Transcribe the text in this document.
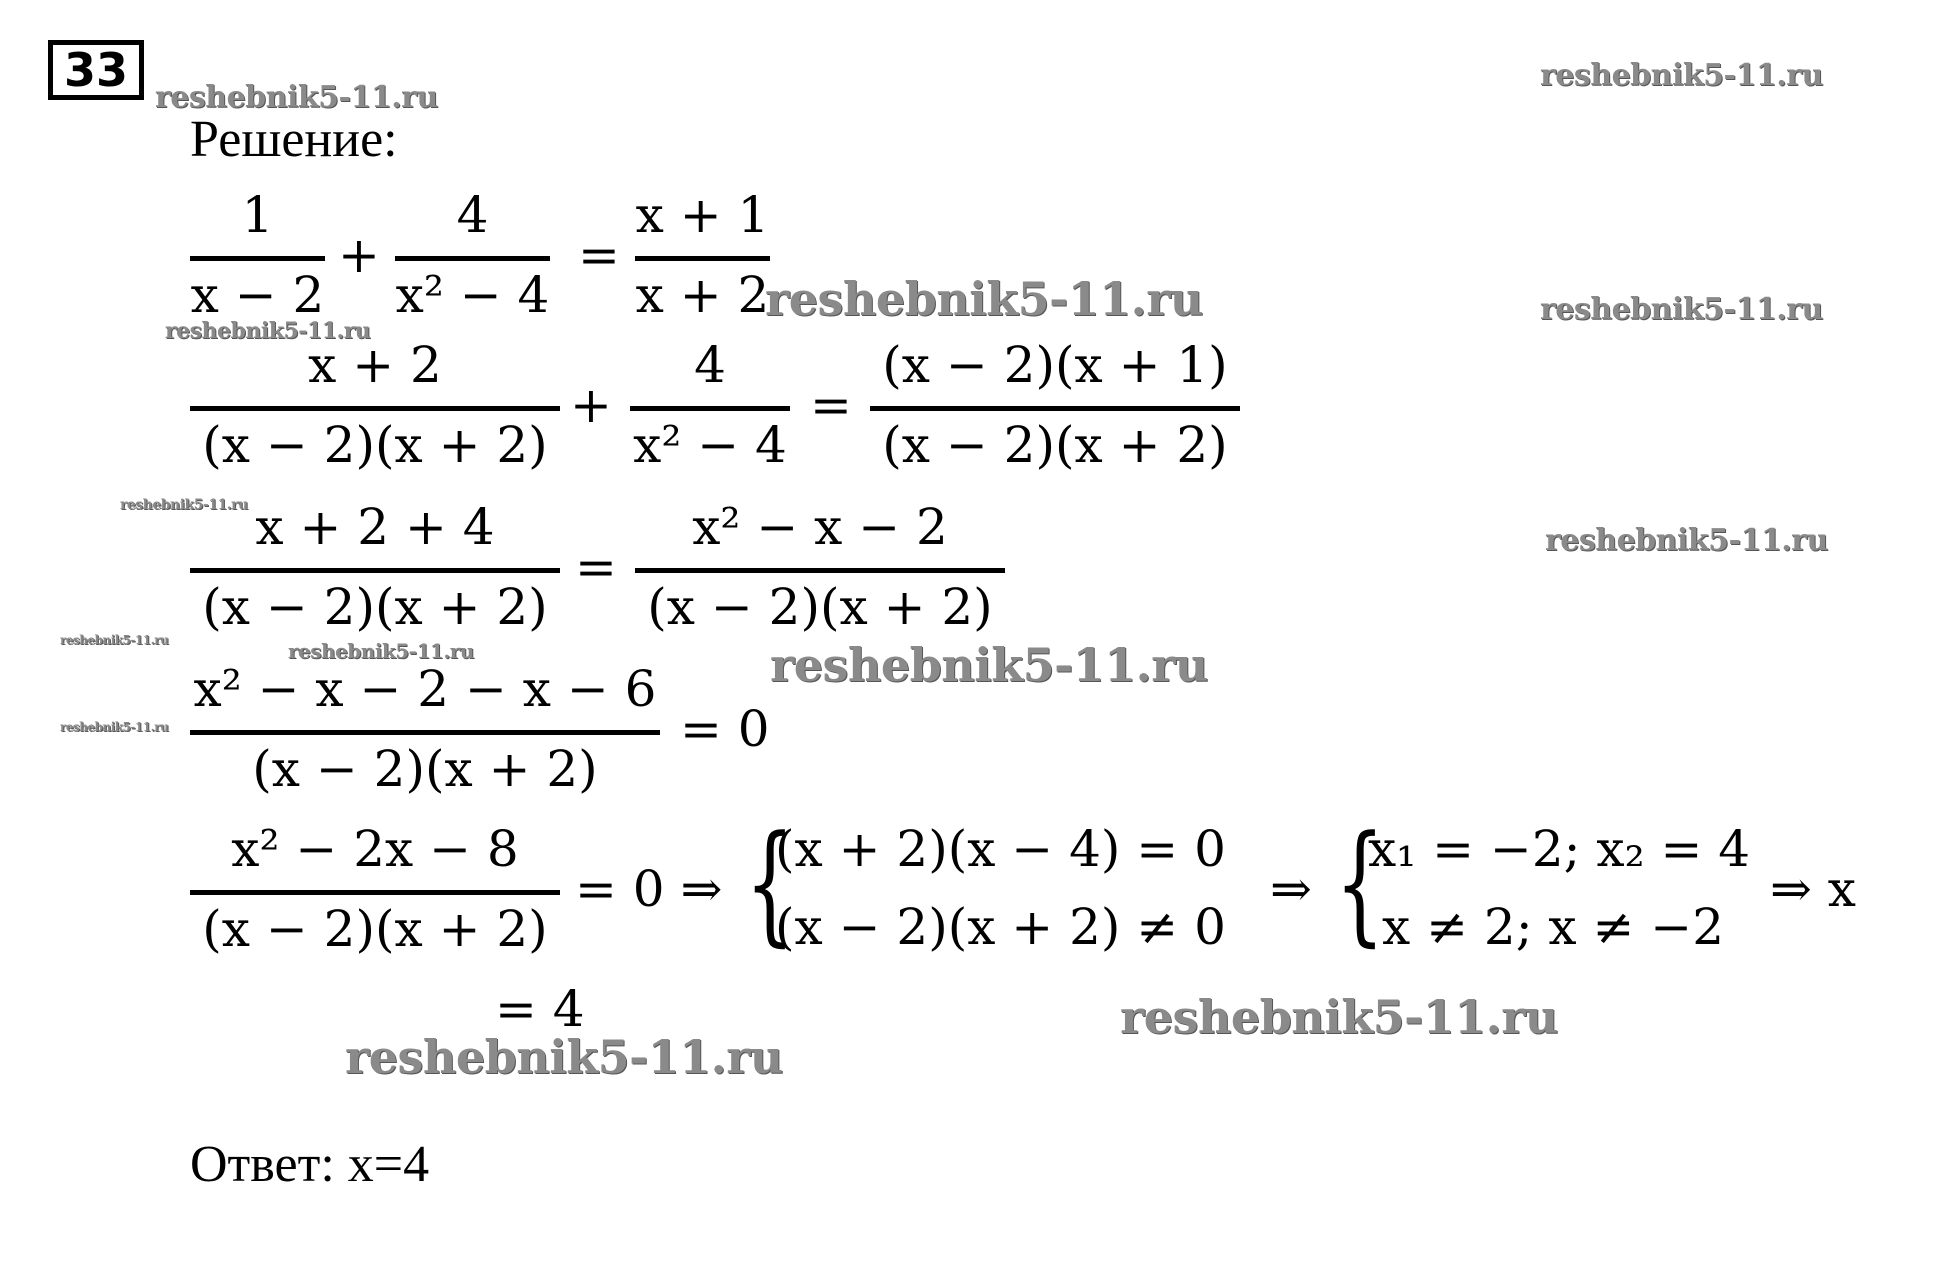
33
reshebnik5-11.ru
reshebnik5-11.ru
reshebnik5-11.ru	reshebnik5-11.ru
reshebnik5-11.ru
reshebnik5-11.ru
reshebnik5-11.ru
reshebnik5-11.ru	reshebnik5-11.ru	reshebnik5-11.ru
reshebnik5-11.ru
reshebnik5-11.ru
reshebnik5-11.ru
Решение:
1
x − 2
+
4
x² − 4
=
x + 1
x + 2
x + 2
(x − 2)(x + 2)
+
4
x² − 4
=
(x − 2)(x + 1)
(x − 2)(x + 2)
x + 2 + 4
(x − 2)(x + 2)
=
x² − x − 2
(x − 2)(x + 2)
x² − x − 2 − x − 6
(x − 2)(x + 2)
= 0
x² − 2x − 8
(x − 2)(x + 2)
= 0 ⇒ {
(x + 2)(x − 4) = 0
(x − 2)(x + 2) ≠ 0
⇒ {
x₁ = −2; x₂ = 4
x ≠ 2; x ≠ −2
⇒ x
= 4
Ответ: x=4
